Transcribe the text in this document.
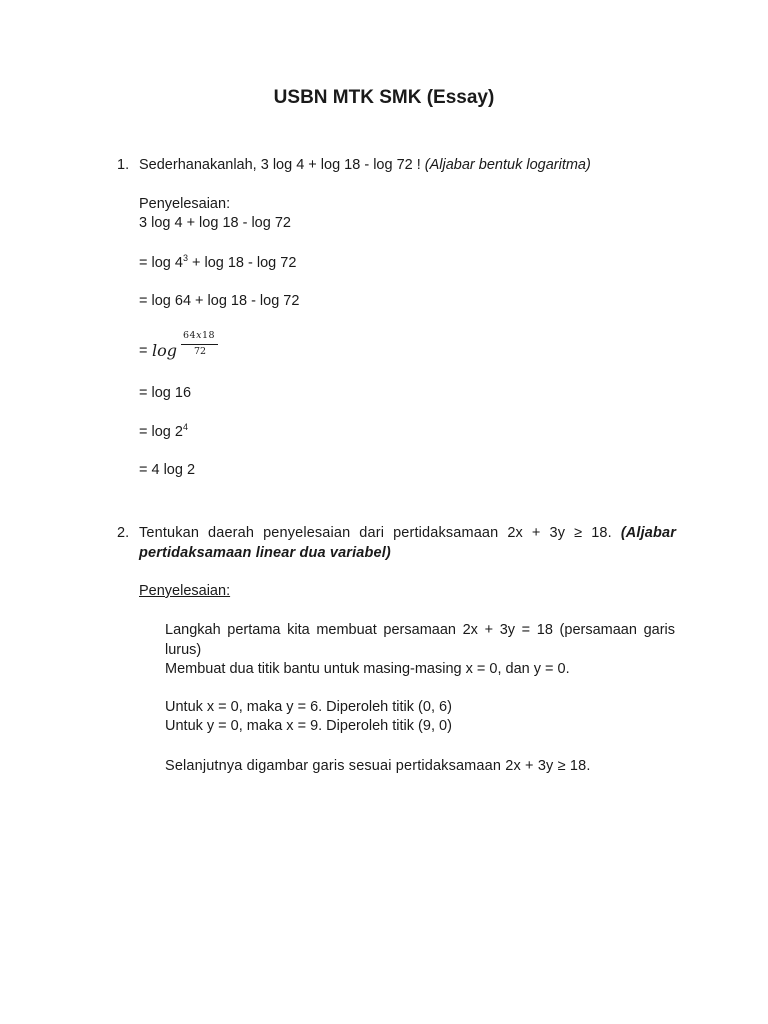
USBN MTK SMK (Essay)
1. Sederhanakanlah, 3 log 4 + log 18 - log 72 ! (Aljabar bentuk logaritma)
Penyelesaian:
3 log 4 + log 18 - log 72
= $\log 4^3 + \log 18 - \log 72$
= log 64 + log 18 - log 72
= log
64x18
72
= log 16
= $\log 2^4$
= 4 log 2
2. Tentukan daerah penyelesaian dari pertidaksamaan 2x + 3y ≥ 18. (Aljabar pertidaksamaan linear dua variabel)
Penyelesaian:
Langkah pertama kita membuat persamaan 2x + 3y = 18 (persamaan garis lurus)
Membuat dua titik bantu untuk masing-masing x = 0, dan y = 0.
Untuk x = 0, maka y = 6. Diperoleh titik (0, 6)
Untuk y = 0, maka x = 9. Diperoleh titik (9, 0)
Selanjutnya digambar garis sesuai pertidaksamaan 2x + 3y ≥ 18.
